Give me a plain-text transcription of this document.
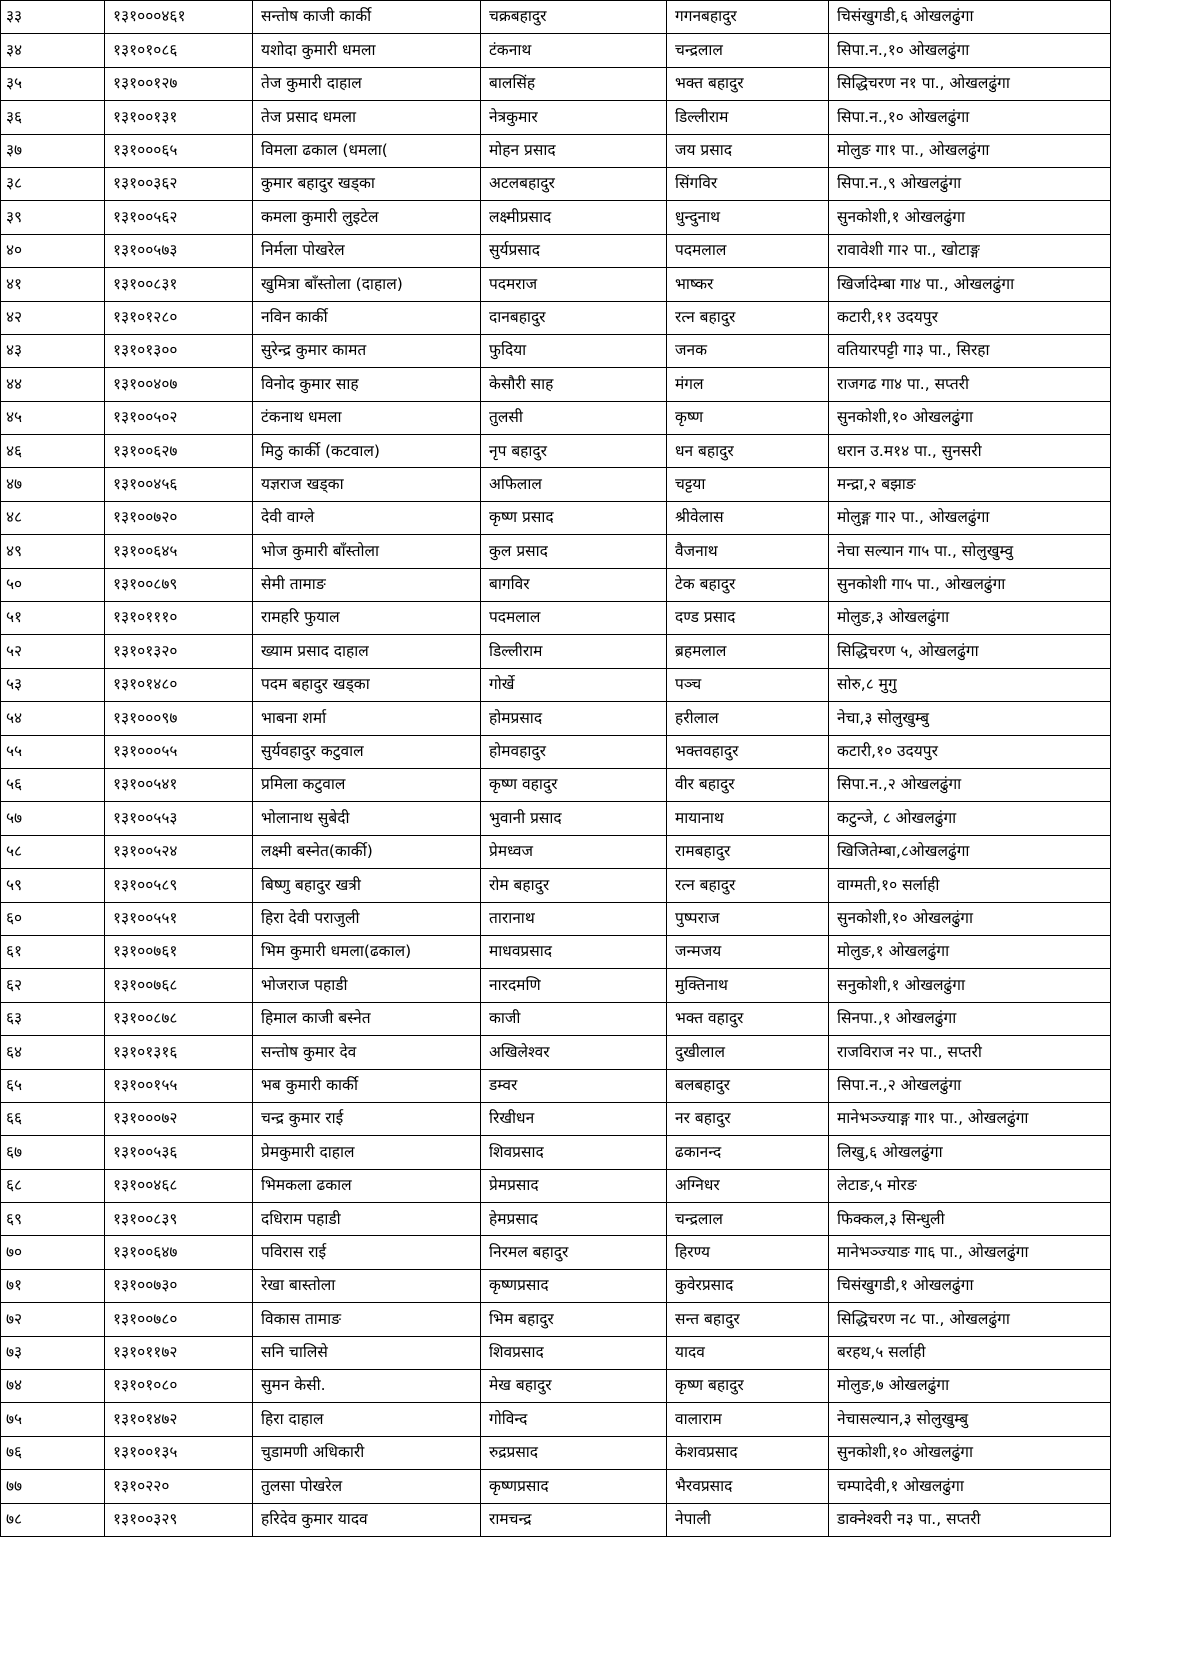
३३	१३१०००४६१	सन्तोष काजी कार्की	चक्रबहादुर	गगनबहादुर	चिसंखुगडी,६ ओखलढुंगा
३४	१३१०१०८६	यशोदा कुमारी धमला	टंकनाथ	चन्द्रलाल	सिपा.न.,१० ओखलढुंगा
३५	१३१००१२७	तेज कुमारी दाहाल	बालसिंह	भक्त बहादुर	सिद्धिचरण न१ पा., ओखलढुंगा
३६	१३१००१३१	तेज प्रसाद धमला	नेत्रकुमार	डिल्लीराम	सिपा.न.,१० ओखलढुंगा
३७	१३१०००६५	विमला ढकाल (धमला(	मोहन प्रसाद	जय प्रसाद	मोलुङ गा१ पा., ओखलढुंगा
३८	१३१००३६२	कुमार बहादुर खड्का	अटलबहादुर	सिंगविर	सिपा.न.,९ ओखलढुंगा
३९	१३१००५६२	कमला कुमारी लुइटेल	लक्ष्मीप्रसाद	धुन्दुनाथ	सुनकोशी,१ ओखलढुंगा
४०	१३१००५७३	निर्मला पोखरेल	सुर्यप्रसाद	पदमलाल	रावावेशी गा२ पा., खोटाङ्ग
४१	१३१००८३१	खुमित्रा बाँस्तोला (दाहाल)	पदमराज	भाष्कर	खिर्जादेम्बा गा४ पा., ओखलढुंगा
४२	१३१०१२८०	नविन कार्की	दानबहादुर	रत्न बहादुर	कटारी,११ उदयपुर
४३	१३१०१३००	सुरेन्द्र कुमार कामत	फुदिया	जनक	वतियारपट्टी गा३ पा., सिरहा
४४	१३१००४०७	विनोद कुमार साह	केसौरी साह	मंगल	राजगढ गा४ पा., सप्तरी
४५	१३१००५०२	टंकनाथ धमला	तुलसी	कृष्ण	सुनकोशी,१० ओखलढुंगा
४६	१३१००६२७	मिठु कार्की (कटवाल)	नृप बहादुर	धन बहादुर	धरान उ.म१४ पा., सुनसरी
४७	१३१००४५६	यज्ञराज खड्का	अफिलाल	चट्टया	मन्द्रा,२ बझाङ
४८	१३१००७२०	देवी वाग्ले	कृष्ण प्रसाद	श्रीवेलास	मोलुङ्ग गा२ पा., ओखलढुंगा
४९	१३१००६४५	भोज कुमारी बाँस्तोला	कुल प्रसाद	वैजनाथ	नेचा सल्यान गा५ पा., सोलुखुम्वु
५०	१३१००८७९	सेमी तामाङ	बागविर	टेक बहादुर	सुनकोशी गा५ पा., ओखलढुंगा
५१	१३१०१११०	रामहरि फुयाल	पदमलाल	दण्ड प्रसाद	मोलुङ,३ ओखलढुंगा
५२	१३१०१३२०	ख्याम प्रसाद दाहाल	डिल्लीराम	ब्रहमलाल	सिद्धिचरण ५, ओखलढुंगा
५३	१३१०१४८०	पदम बहादुर खड्का	गोर्खे	पञ्च	सोरु,८ मुगु
५४	१३१०००९७	भाबना शर्मा	होमप्रसाद	हरीलाल	नेचा,३ सोलुखुम्बु
५५	१३१०००५५	सुर्यवहादुर कटुवाल	होमवहादुर	भक्तवहादुर	कटारी,१० उदयपुर
५६	१३१००५४१	प्रमिला कटुवाल	कृष्ण वहादुर	वीर बहादुर	सिपा.न.,२ ओखलढुंगा
५७	१३१००५५३	भोलानाथ सुबेदी	भुवानी प्रसाद	मायानाथ	कटुन्जे, ८ ओखलढुंगा
५८	१३१००५२४	लक्ष्मी बस्नेत(कार्की)	प्रेमध्वज	रामबहादुर	खिजितेम्बा,८ओखलढुंगा
५९	१३१००५८९	बिष्णु बहादुर खत्री	रोम बहादुर	रत्न बहादुर	वाग्मती,१० सर्लाही
६०	१३१००५५१	हिरा देवी पराजुली	तारानाथ	पुष्पराज	सुनकोशी,१० ओखलढुंगा
६१	१३१००७६१	भिम कुमारी धमला(ढकाल)	माधवप्रसाद	जन्मजय	मोलुङ,१ ओखलढुंगा
६२	१३१००७६८	भोजराज पहाडी	नारदमणि	मुक्तिनाथ	सनुकोशी,१ ओखलढुंगा
६३	१३१००८७८	हिमाल काजी बस्नेत	काजी	भक्त वहादुर	सिनपा.,१ ओखलढुंगा
६४	१३१०१३१६	सन्तोष कुमार देव	अखिलेश्वर	दुखीलाल	राजविराज न२ पा., सप्तरी
६५	१३१००१५५	भब कुमारी कार्की	डम्वर	बलबहादुर	सिपा.न.,२ ओखलढुंगा
६६	१३१०००७२	चन्द्र कुमार राई	रिखीधन	नर बहादुर	मानेभञ्ज्याङ्ग गा१ पा., ओखलढुंगा
६७	१३१००५३६	प्रेमकुमारी दाहाल	शिवप्रसाद	ढकानन्द	लिखु,६ ओखलढुंगा
६८	१३१००४६८	भिमकला ढकाल	प्रेमप्रसाद	अग्निधर	लेटाङ,५ मोरङ
६९	१३१००८३९	दधिराम पहाडी	हेमप्रसाद	चन्द्रलाल	फिक्कल,३ सिन्धुली
७०	१३१००६४७	पविरास राई	निरमल बहादुर	हिरण्य	मानेभञ्ज्याङ गा६ पा., ओखलढुंगा
७१	१३१००७३०	रेखा बास्तोला	कृष्णप्रसाद	कुवेरप्रसाद	चिसंखुगडी,१ ओखलढुंगा
७२	१३१००७८०	विकास तामाङ	भिम बहादुर	सन्त बहादुर	सिद्धिचरण न८ पा., ओखलढुंगा
७३	१३१०११७२	सनि चालिसे	शिवप्रसाद	यादव	बरहथ,५ सर्लाही
७४	१३१०१०८०	सुमन केसी.	मेख बहादुर	कृष्ण बहादुर	मोलुङ,७ ओखलढुंगा
७५	१३१०१४७२	हिरा दाहाल	गोविन्द	वालाराम	नेचासल्यान,३ सोलुखुम्बु
७६	१३१००१३५	चुडामणी अधिकारी	रुद्रप्रसाद	केशवप्रसाद	सुनकोशी,१० ओखलढुंगा
७७	१३१०२२०	तुलसा पोखरेल	कृष्णप्रसाद	भैरवप्रसाद	चम्पादेवी,१ ओखलढुंगा
७८	१३१००३२९	हरिदेव कुमार यादव	रामचन्द्र	नेपाली	डाक्नेश्वरी न३ पा., सप्तरी
